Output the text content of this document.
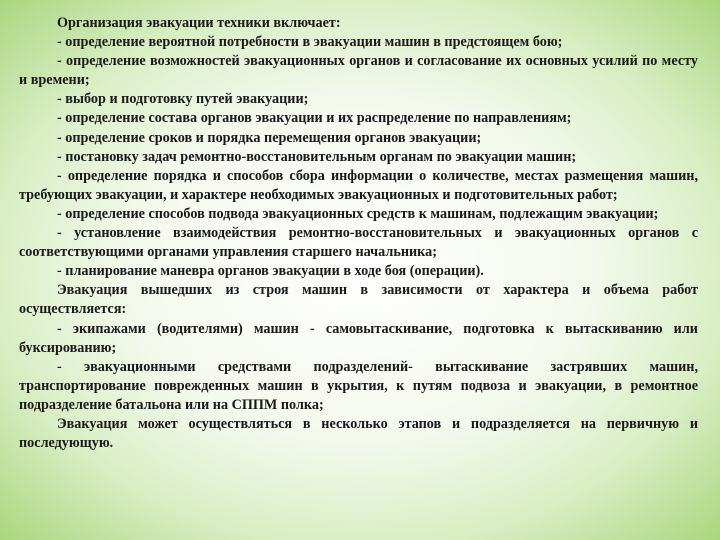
Организация эвакуации техники включает:

- определение вероятной потребности в эвакуации машин в предстоящем бою;

- определение возможностей эвакуационных органов и согласование их основных усилий по месту и времени;

- выбор и подготовку путей эвакуации;

- определение состава органов эвакуации и их распределение по направлениям;

- определение сроков и порядка перемещения органов эвакуации;

- постановку задач ремонтно-восстановительным органам по эвакуации машин;

- определение порядка и способов сбора информации о количестве, местах размещения машин, требующих эвакуации, и характере необходимых эвакуационных и подготовительных работ;

- определение способов подвода эвакуационных средств к машинам, подлежащим эвакуации;

- установление взаимодействия ремонтно-восстановительных и эвакуационных органов с соответствующими органами управления старшего начальника;

- планирование маневра органов эвакуации в ходе боя (операции).

Эвакуация вышедших из строя машин в зависимости от характера и объема работ осуществляется:

- экипажами (водителями) машин - самовытаскивание, подготовка к вытаскиванию или буксированию;

- эвакуационными средствами подразделений- вытаскивание застрявших машин, транспортирование поврежденных машин в укрытия, к путям подвоза и эвакуации, в ремонтное подразделение батальона или на СППМ полка;

Эвакуация может осуществляться в несколько этапов и подразделяется на первичную и последующую.
